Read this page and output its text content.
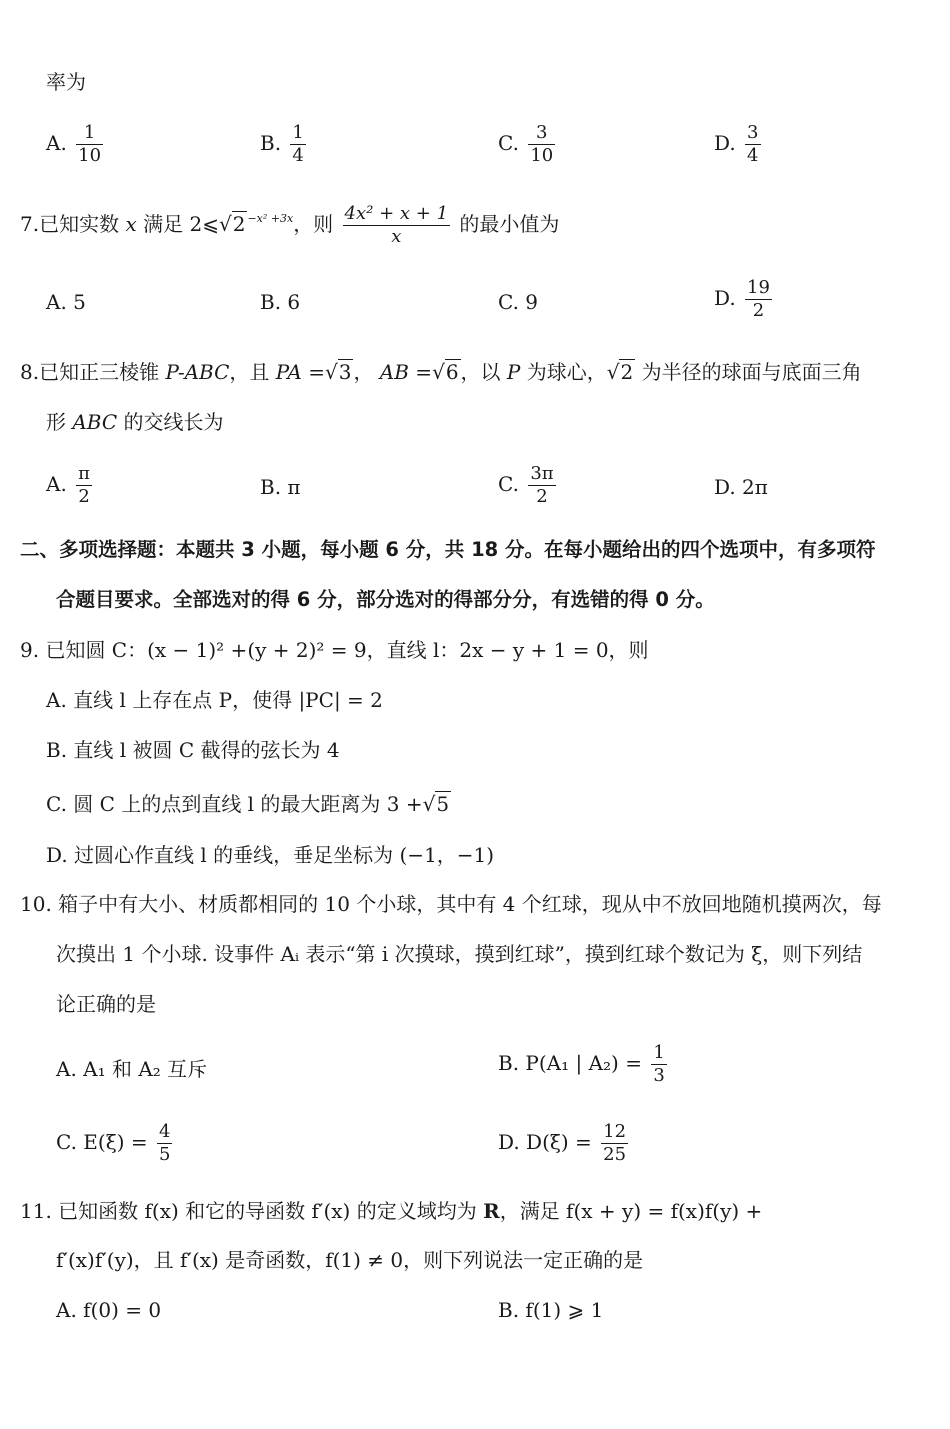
率为
A. $\frac{1}{10}$	B. $\frac{1}{4}$	C. $\frac{3}{10}$	D. $\frac{3}{4}$
7.已知实数 x 满足 2⩽√2 $^{-x^2 +3x}$，则 $\frac{\text{4x² + x + 1}}{x}$ 的最小值为
A. 5	B. 6	C. 9	D. $\frac{19}{2}$
8.已知正三棱锥 P-ABC，且 PA =√3 ， AB =√6 ，以 P 为球心，√2 为半径的球面与底面三角
形 ABC 的交线长为
A. $\frac{\pi}{2}$	B. π	C. $\frac{3\pi}{2}$	D. 2π
二、多项选择题：本题共 3 小题，每小题 6 分，共 18 分。在每小题给出的四个选项中，有多项符
合题目要求。全部选对的得 6 分，部分选对的得部分分，有选错的得 0 分。
9. 已知圆 C：(x − 1)² +(y + 2)² = 9，直线 l：2x − y + 1 = 0，则
A. 直线 l 上存在点 P，使得 |PC| = 2
B. 直线 l 被圆 C 截得的弦长为 4
C. 圆 C 上的点到直线 l 的最大距离为 3 +√5
D. 过圆心作直线 l 的垂线，垂足坐标为 (−1，−1)
10. 箱子中有大小、材质都相同的 10 个小球，其中有 4 个红球，现从中不放回地随机摸两次，每
次摸出 1 个小球. 设事件 Aᵢ 表示“第 i 次摸球，摸到红球”，摸到红球个数记为 ξ，则下列结
论正确的是
A. A₁ 和 A₂ 互斥	B. P(A₁ | $A_2) = \frac{1}{3}$
C. $E(\xi) = \frac{4}{5}$	D. $D(\xi) = \frac{12}{25}$
11. 已知函数 f(x) 和它的导函数 f′(x) 的定义域均为 R，满足 f(x + y) = f(x)f(y) +
f′(x)f′(y)，且 f′(x) 是奇函数，f(1) ≠ 0，则下列说法一定正确的是
A. f(0) = 0	B. f(1) ⩾ 1
